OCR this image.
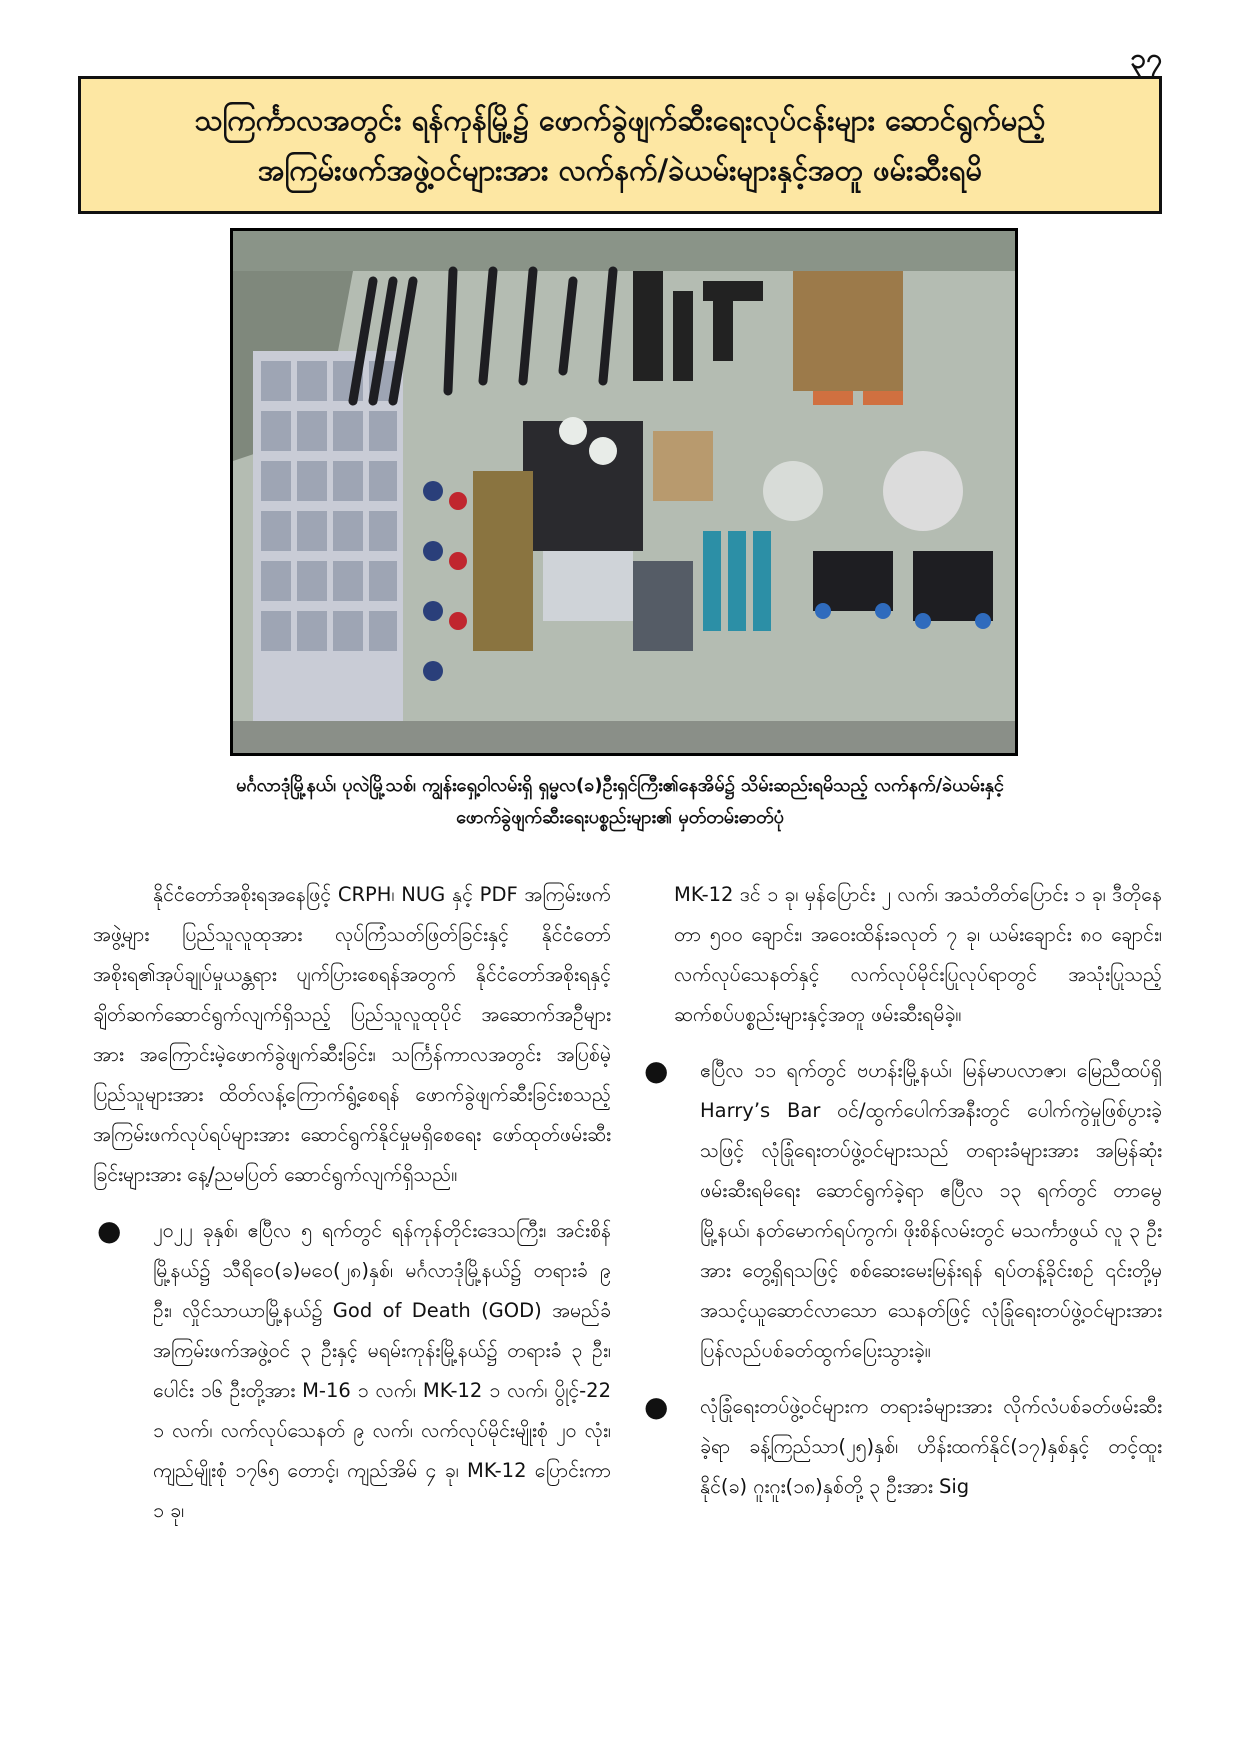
၃၇
သကြင်္ကာလအတွင်း ရန်ကုန်မြို့၌ ဖောက်ခွဲဖျက်ဆီးရေးလုပ်ငန်းများ ဆောင်ရွက်မည့်
အကြမ်းဖက်အဖွဲ့ဝင်များအား လက်နက်/ခဲယမ်းများနှင့်အတူ ဖမ်းဆီးရမိ
မင်္ဂလာဒုံမြို့နယ်၊ ပုလဲမြို့သစ်၊ ကျွန်းရှေ့ဝါလမ်းရှိ ရှမ္မလ(ခ)ဦးရှင်ကြီး၏နေအိမ်၌ သိမ်းဆည်းရမိသည့် လက်နက်/ခဲယမ်းနှင့်
ဖောက်ခွဲဖျက်ဆီးရေးပစ္စည်းများ၏ မှတ်တမ်းဓာတ်ပုံ

နိုင်ငံတော်အစိုးရအနေဖြင့် CRPH၊ NUG နှင့် PDF အကြမ်းဖက်အဖွဲ့များ ပြည်သူလူထုအား လုပ်ကြံသတ်ဖြတ်ခြင်းနှင့် နိုင်ငံတော်အစိုးရ၏အုပ်ချုပ်မှုယန္တရား ပျက်ပြားစေရန်အတွက် နိုင်ငံတော်အစိုးရနှင့် ချိတ်ဆက်ဆောင်ရွက်လျက်ရှိသည့် ပြည်သူလူထုပိုင် အဆောက်အဦများအား အကြောင်းမဲ့ဖောက်ခွဲဖျက်ဆီးခြင်း၊ သင်္ကြန်ကာလအတွင်း အပြစ်မဲ့ပြည်သူများအား ထိတ်လန့်ကြောက်ရွံ့စေရန် ဖောက်ခွဲဖျက်ဆီးခြင်းစသည့် အကြမ်းဖက်လုပ်ရပ်များအား ဆောင်ရွက်နိုင်မှုမရှိစေရေး ဖော်ထုတ်ဖမ်းဆီးခြင်းများအား နေ့/ညမပြတ် ဆောင်ရွက်လျက်ရှိသည်။

● ၂၀၂၂ ခုနှစ်၊ ဧပြီလ ၅ ရက်တွင် ရန်ကုန်တိုင်းဒေသကြီး၊ အင်းစိန်မြို့နယ်၌ သီရိဝေ(ခ)မဝေ(၂၈)နှစ်၊ မင်္ဂလာဒုံမြို့နယ်၌ တရားခံ ၉ ဦး၊ လှိုင်သာယာမြို့နယ်၌ God of Death (GOD) အမည်ခံ အကြမ်းဖက်အဖွဲ့ဝင် ၃ ဦးနှင့် မရမ်းကုန်းမြို့နယ်၌ တရားခံ ၃ ဦး၊ ပေါင်း ၁၆ ဦးတို့အား M-16 ၁ လက်၊ MK-12 ၁ လက်၊ ပွိုင့်-22 ၁ လက်၊ လက်လုပ်သေနတ် ၉ လက်၊ လက်လုပ်မိုင်းမျိုးစုံ ၂၀ လုံး၊ ကျည်မျိုးစုံ ၁၇၆၅ တောင့်၊ ကျည်အိမ် ၄ ခု၊ MK-12 ပြောင်းကာ ၁ ခု၊

MK-12 ဒင် ၁ ခု၊ မှန်ပြောင်း ၂ လက်၊ အသံတိတ်ပြောင်း ၁ ခု၊ ဒီတိုနေတာ ၅၀၀ ချောင်း၊ အဝေးထိန်းခလုတ် ၇ ခု၊ ယမ်းချောင်း ၈၀ ချောင်း၊ လက်လုပ်သေနတ်နှင့် လက်လုပ်မိုင်းပြုလုပ်ရာတွင် အသုံးပြုသည့် ဆက်စပ်ပစ္စည်းများနှင့်အတူ ဖမ်းဆီးရမိခဲ့။

● ဧပြီလ ၁၁ ရက်တွင် ဗဟန်းမြို့နယ်၊ မြန်မာပလာဇာ၊ မြေညီထပ်ရှိ Harry’s Bar ဝင်/ထွက်ပေါက်အနီးတွင် ပေါက်ကွဲမှုဖြစ်ပွားခဲ့သဖြင့် လုံခြုံရေးတပ်ဖွဲ့ဝင်များသည် တရားခံများအား အမြန်ဆုံးဖမ်းဆီးရမိရေး ဆောင်ရွက်ခဲ့ရာ ဧပြီလ ၁၃ ရက်တွင် တာမွေမြို့နယ်၊ နတ်မောက်ရပ်ကွက်၊ ဖိုးစိန်လမ်းတွင် မသင်္ကာဖွယ် လူ ၃ ဦးအား တွေ့ရှိရသဖြင့် စစ်ဆေးမေးမြန်းရန် ရပ်တန့်ခိုင်းစဉ် ၎င်းတို့မှ အသင့်ယူဆောင်လာသော သေနတ်ဖြင့် လုံခြုံရေးတပ်ဖွဲ့ဝင်များအား ပြန်လည်ပစ်ခတ်ထွက်ပြေးသွားခဲ့။
● လုံခြုံရေးတပ်ဖွဲ့ဝင်များက တရားခံများအား လိုက်လံပစ်ခတ်ဖမ်းဆီးခဲ့ရာ ခန့်ကြည်သာ(၂၅)နှစ်၊ ဟိန်းထက်နိုင်(၁၇)နှစ်နှင့် တင့်ထူးနိုင်(ခ) ဂူးဂူး(၁၈)နှစ်တို့ ၃ ဦးအား Sig
